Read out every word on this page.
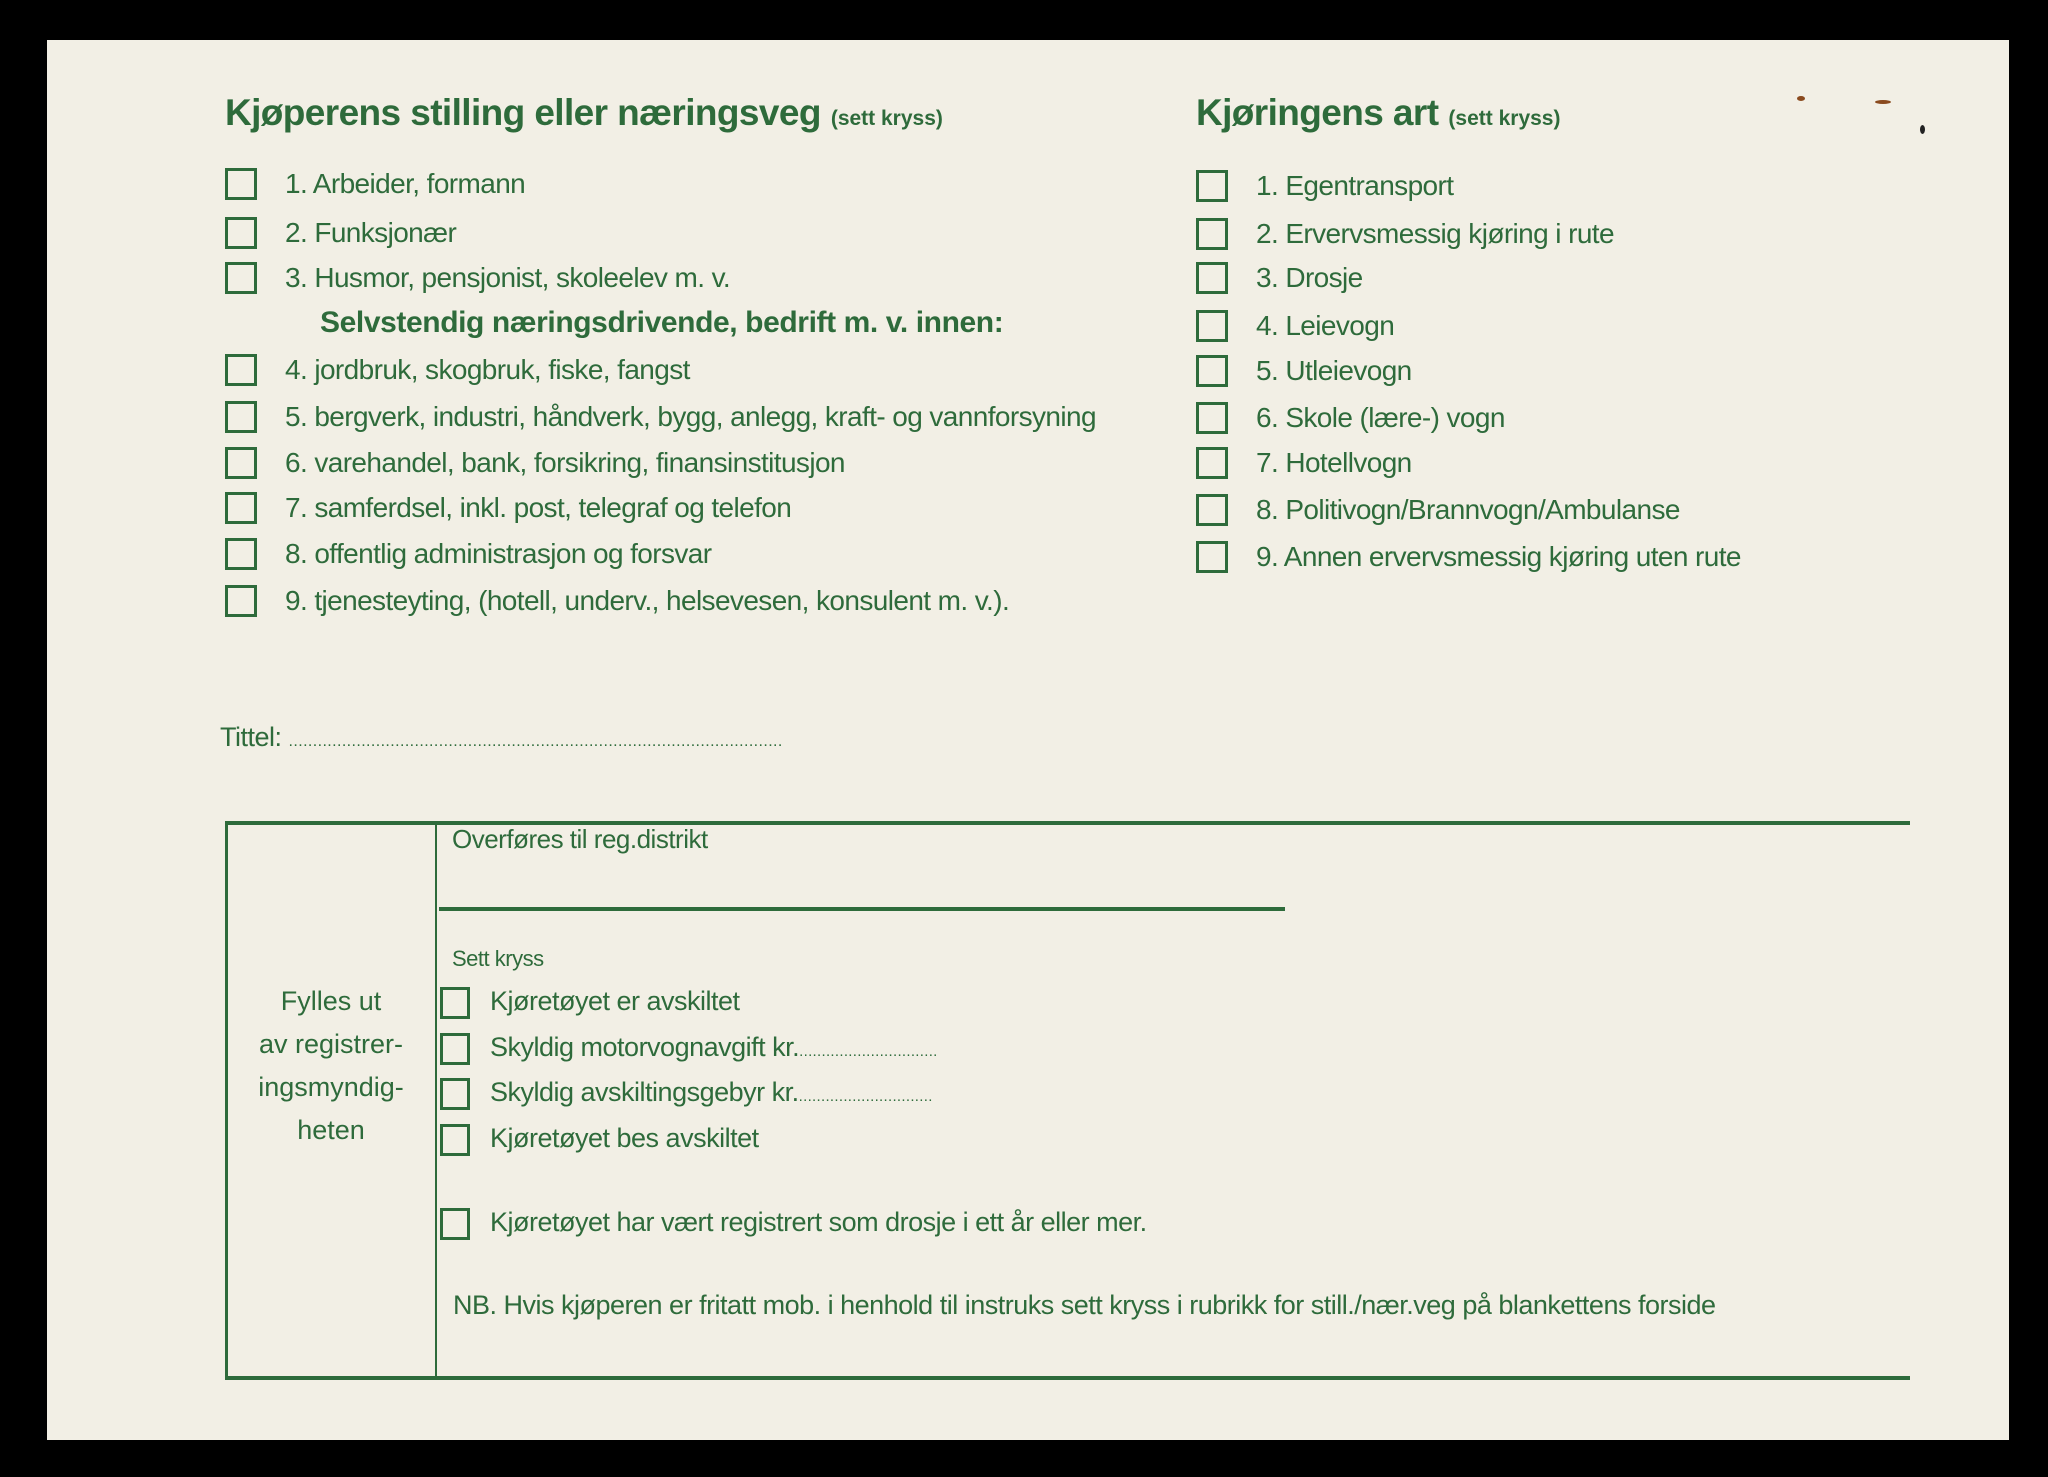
Kjøperens stilling eller næringsveg (sett kryss)	Kjøringens art (sett kryss)
1. Arbeider, formann
2. Funksjonær
3. Husmor, pensjonist, skoleelev m. v.
4. jordbruk, skogbruk, fiske, fangst
5. bergverk, industri, håndverk, bygg, anlegg, kraft- og vannforsyning
6. varehandel, bank, forsikring, finansinstitusjon
7. samferdsel, inkl. post, telegraf og telefon
8. offentlig administrasjon og forsvar
9. tjenesteyting, (hotell, underv., helsevesen, konsulent m. v.).
Selvstendig næringsdrivende, bedrift m. v. innen:
1. Egentransport
2. Ervervsmessig kjøring i rute
3. Drosje
4. Leievogn
5. Utleievogn
6. Skole (lære-) vogn
7. Hotellvogn
8. Politivogn/Brannvogn/Ambulanse
9. Annen ervervsmessig kjøring uten rute
Tittel: ......................................................................................................
Fylles ut
av registrer-
ingsmyndig-
heten
Overføres til reg.distrikt
Sett kryss
Kjøretøyet er avskiltet
Skyldig motorvognavgift kr................................
Skyldig avskiltingsgebyr kr...............................
Kjøretøyet bes avskiltet
Kjøretøyet har vært registrert som drosje i ett år eller mer.
NB. Hvis kjøperen er fritatt mob. i henhold til instruks sett kryss i rubrikk for still./nær.veg på blankettens forside
